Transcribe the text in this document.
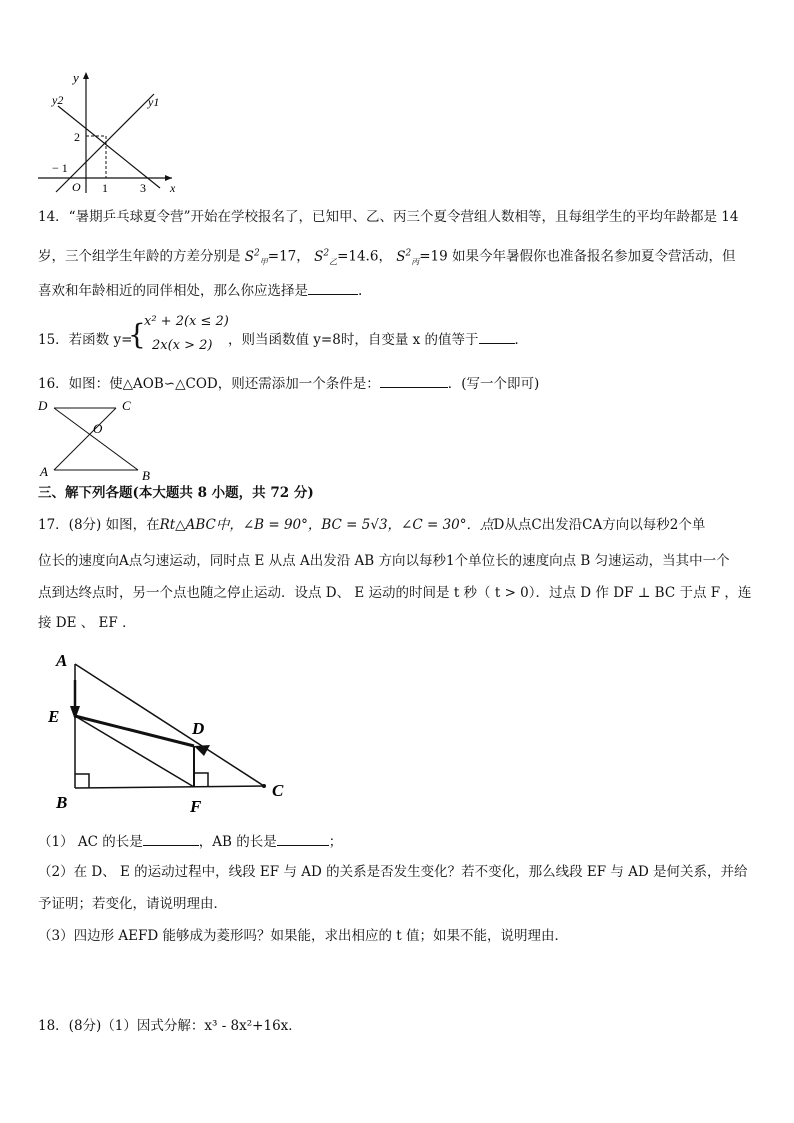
y
y2	y1
2
− 1
O 1	3 x
14．“暑期乒乓球夏令营”开始在学校报名了，已知甲、乙、丙三个夏令营组人数相等，且每组学生的平均年龄都是 14
岁，三个组学生年龄的方差分别是 $S^2_甲=17$， $S^2_乙=14.6$， $S^2_丙=19$ 如果今年暑假你也准备报名参加夏令营活动，但
喜欢和年龄相近的同伴相处，那么你应选择是	.
15．若函数 y=
{
x² + 2(x ≤ 2)
2x(x > 2) ，则当函数值 y=8时，自变量 x 的值等于	．
16．如图：使△AOB∽△COD，则还需添加一个条件是：	．(写一个即可)
D	C
O
A	B
三、解下列各题(本大题共 8 小题，共 72 分)
17．(8分) 如图，在Rt△ABC中，∠B = 90°，BC = 5√3，∠C = 30°．点D从点C出发沿CA方向以每秒2个单
位长的速度向A点匀速运动，同时点 E 从点 A出发沿 AB 方向以每秒1个单位长的速度向点 B 匀速运动，当其中一个
点到达终点时，另一个点也随之停止运动．设点 D、 E 运动的时间是 t 秒（ t > 0）．过点 D 作 DF ⊥ BC 于点 F ，连
接 DE 、 EF ．
A
E
D
B	F
C
（1） AC 的长是	，AB 的长是	；
（2）在 D、 E 的运动过程中，线段 EF 与 AD 的关系是否发生变化？若不变化，那么线段 EF 与 AD 是何关系，并给
予证明；若变化，请说明理由．
（3）四边形 AEFD 能够成为菱形吗？如果能，求出相应的 t 值；如果不能，说明理由．
18．(8分)（1）因式分解：x³ - 8x²+16x．
